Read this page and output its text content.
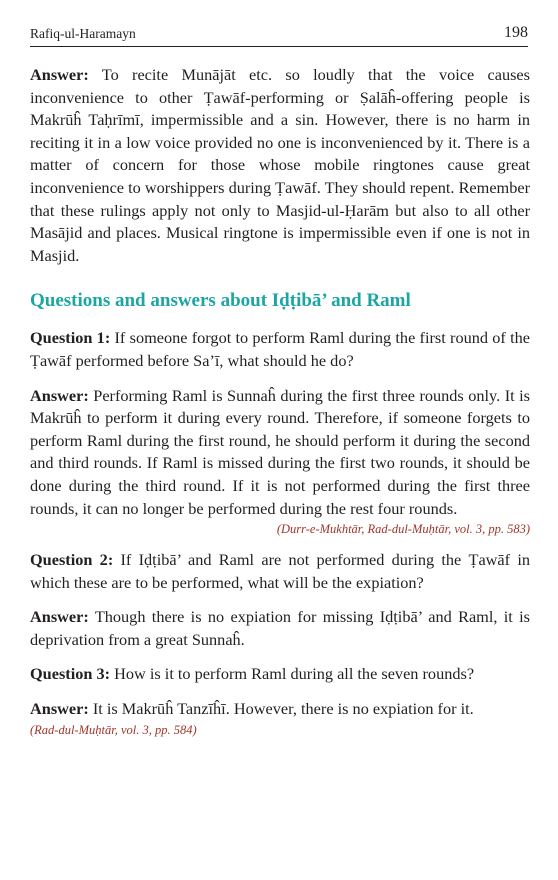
Rafiq-ul-Haramayn	198

Answer: To recite Munājāt etc. so loudly that the voice causes inconvenience to other Ṭawāf-performing or Ṣalāĥ-offering people is Makrūĥ Taḥrīmī, impermissible and a sin. However, there is no harm in reciting it in a low voice provided no one is inconvenienced by it. There is a matter of concern for those whose mobile ringtones cause great inconvenience to worshippers during Ṭawāf. They should repent. Remember that these rulings apply not only to Masjid-ul-Ḥarām but also to all other Masājid and places. Musical ringtone is impermissible even if one is not in Masjid.

Questions and answers about Iḍṭibā’ and Raml

Question 1: If someone forgot to perform Raml during the first round of the Ṭawāf performed before Sa’ī, what should he do?

Answer: Performing Raml is Sunnaĥ during the first three rounds only. It is Makrūĥ to perform it during every round. Therefore, if someone forgets to perform Raml during the first round, he should perform it during the second and third rounds. If Raml is missed during the first two rounds, it should be done during the third round. If it is not performed during the first three rounds, it can no longer be performed during the rest four rounds.

(Durr-e-Mukhtār, Rad-dul-Muḥtār, vol. 3, pp. 583)

Question 2: If Iḍṭibā’ and Raml are not performed during the Ṭawāf in which these are to be performed, what will be the expiation?

Answer: Though there is no expiation for missing Iḍṭibā’ and Raml, it is deprivation from a great Sunnaĥ.

Question 3: How is it to perform Raml during all the seven rounds?

Answer: It is Makrūĥ Tanzīĥī. However, there is no expiation for it.

(Rad-dul-Muḥtār, vol. 3, pp. 584)
